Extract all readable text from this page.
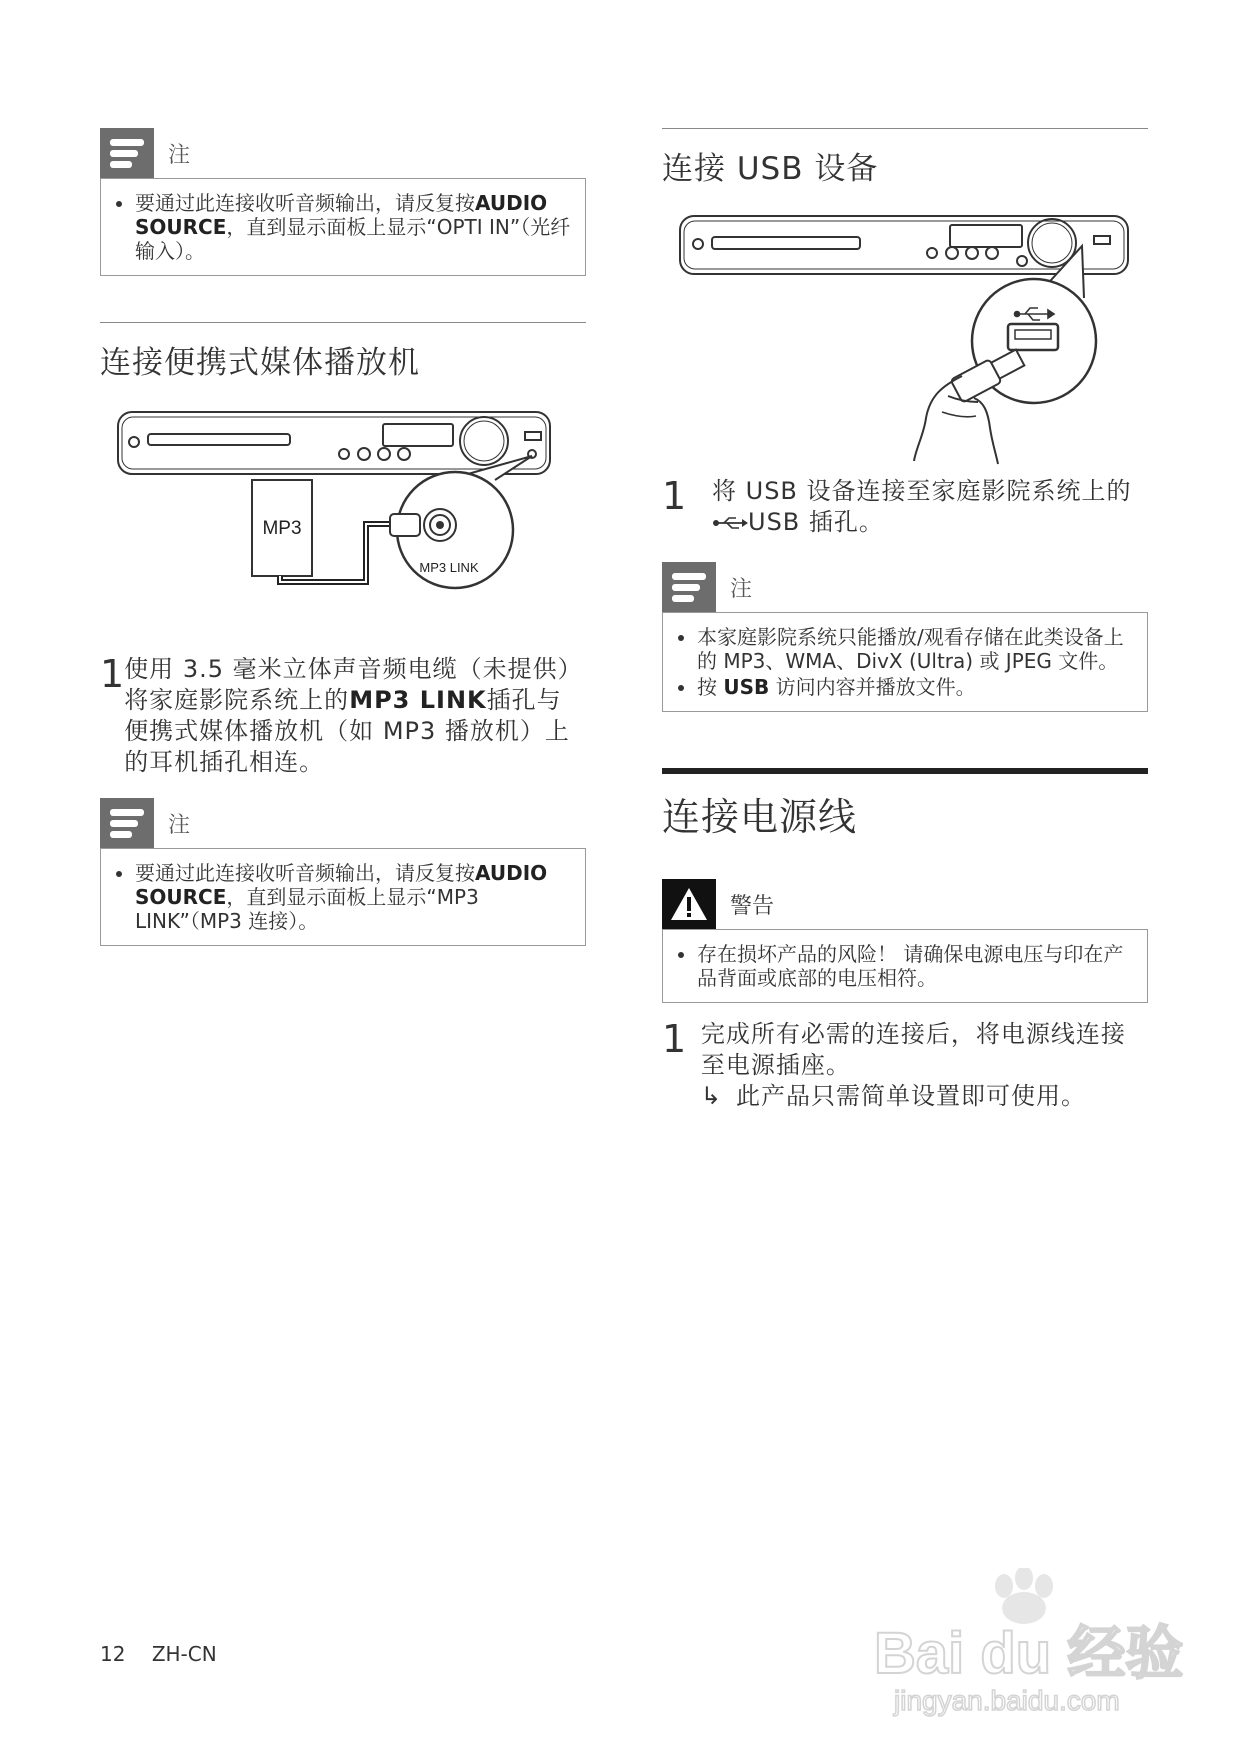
注
• 要通过此连接收听音频输出，请反复按AUDIO SOURCE，直到显示面板上显示“OPTI IN”（光纤输入）。
连接便携式媒体播放机
MP3
MP3 LINK
1 使用 3.5 毫米立体声音频电缆（未提供）将家庭影院系统上的MP3 LINK插孔与便携式媒体播放机（如 MP3 播放机）上的耳机插孔相连。
注
• 要通过此连接收听音频输出，请反复按AUDIO SOURCE，直到显示面板上显示“MP3 LINK”（MP3 连接）。
连接 USB 设备
1	将 USB 设备连接至家庭影院系统上的
USB 插孔。
注
• 本家庭影院系统只能播放/观看存储在此类设备上的 MP3、WMA、DivX (Ultra) 或 JPEG 文件。
• 按 USB 访问内容并播放文件。
连接电源线
警告
• 存在损坏产品的风险！ 请确保电源电压与印在产品背面或底部的电压相符。
1 完成所有必需的连接后，将电源线连接至电源插座。
↳ 此产品只需简单设置即可使用。
12 ZH-CN	Bai du 经验
jingyan.baidu.com
